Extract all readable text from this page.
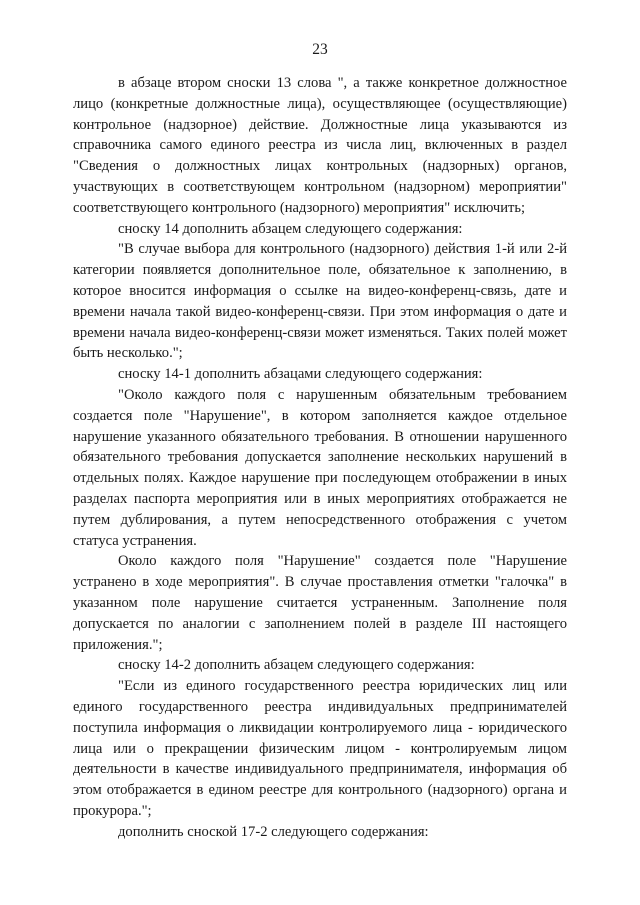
23

в абзаце втором сноски 13 слова ", а также конкретное должностное лицо (конкретные должностные лица), осуществляющее (осуществляющие) контрольное (надзорное) действие. Должностные лица указываются из справочника самого единого реестра из числа лиц, включенных в раздел "Сведения о должностных лицах контрольных (надзорных) органов, участвующих в соответствующем контрольном (надзорном) мероприятии" соответствующего контрольного (надзорного) мероприятия" исключить;

сноску 14 дополнить абзацем следующего содержания:

"В случае выбора для контрольного (надзорного) действия 1-й или 2-й категории появляется дополнительное поле, обязательное к заполнению, в которое вносится информация о ссылке на видео-конференц-связь, дате и времени начала такой видео-конференц-связи. При этом информация о дате и времени начала видео-конференц-связи может изменяться. Таких полей может быть несколько.";

сноску 14-1 дополнить абзацами следующего содержания:

"Около каждого поля с нарушенным обязательным требованием создается поле "Нарушение", в котором заполняется каждое отдельное нарушение указанного обязательного требования. В отношении нарушенного обязательного требования допускается заполнение нескольких нарушений в отдельных полях. Каждое нарушение при последующем отображении в иных разделах паспорта мероприятия или в иных мероприятиях отображается не путем дублирования, а путем непосредственного отображения с учетом статуса устранения.

Около каждого поля "Нарушение" создается поле "Нарушение устранено в ходе мероприятия". В случае проставления отметки "галочка" в указанном поле нарушение считается устраненным. Заполнение поля допускается по аналогии с заполнением полей в разделе III настоящего приложения.";

сноску 14-2 дополнить абзацем следующего содержания:

"Если из единого государственного реестра юридических лиц или единого государственного реестра индивидуальных предпринимателей поступила информация о ликвидации контролируемого лица - юридического лица или о прекращении физическим лицом - контролируемым лицом деятельности в качестве индивидуального предпринимателя, информация об этом отображается в едином реестре для контрольного (надзорного) органа и прокурора.";

дополнить сноской 17-2 следующего содержания:
